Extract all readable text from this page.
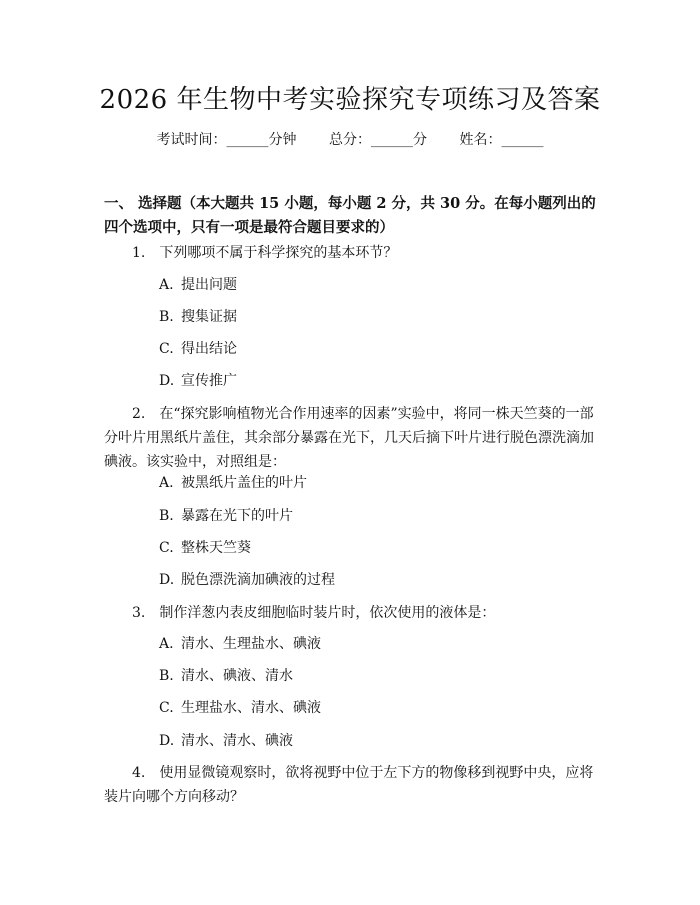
2026 年生物中考实验探究专项练习及答案
考试时间：______分钟 总分：______分 姓名：______
一、 选择题（本大题共 15 小题，每小题 2 分，共 30 分。在每小题列出的四个选项中，只有一项是最符合题目要求的）
1. 下列哪项不属于科学探究的基本环节？
A. 提出问题
B. 搜集证据
C. 得出结论
D. 宣传推广
2. 在“探究影响植物光合作用速率的因素”实验中，将同一株天竺葵的一部分叶片用黑纸片盖住，其余部分暴露在光下，几天后摘下叶片进行脱色漂洗滴加碘液。该实验中，对照组是：
A. 被黑纸片盖住的叶片
B. 暴露在光下的叶片
C. 整株天竺葵
D. 脱色漂洗滴加碘液的过程
3. 制作洋葱内表皮细胞临时装片时，依次使用的液体是：
A. 清水、生理盐水、碘液
B. 清水、碘液、清水
C. 生理盐水、清水、碘液
D. 清水、清水、碘液
4. 使用显微镜观察时，欲将视野中位于左下方的物像移到视野中央，应将装片向哪个方向移动？
